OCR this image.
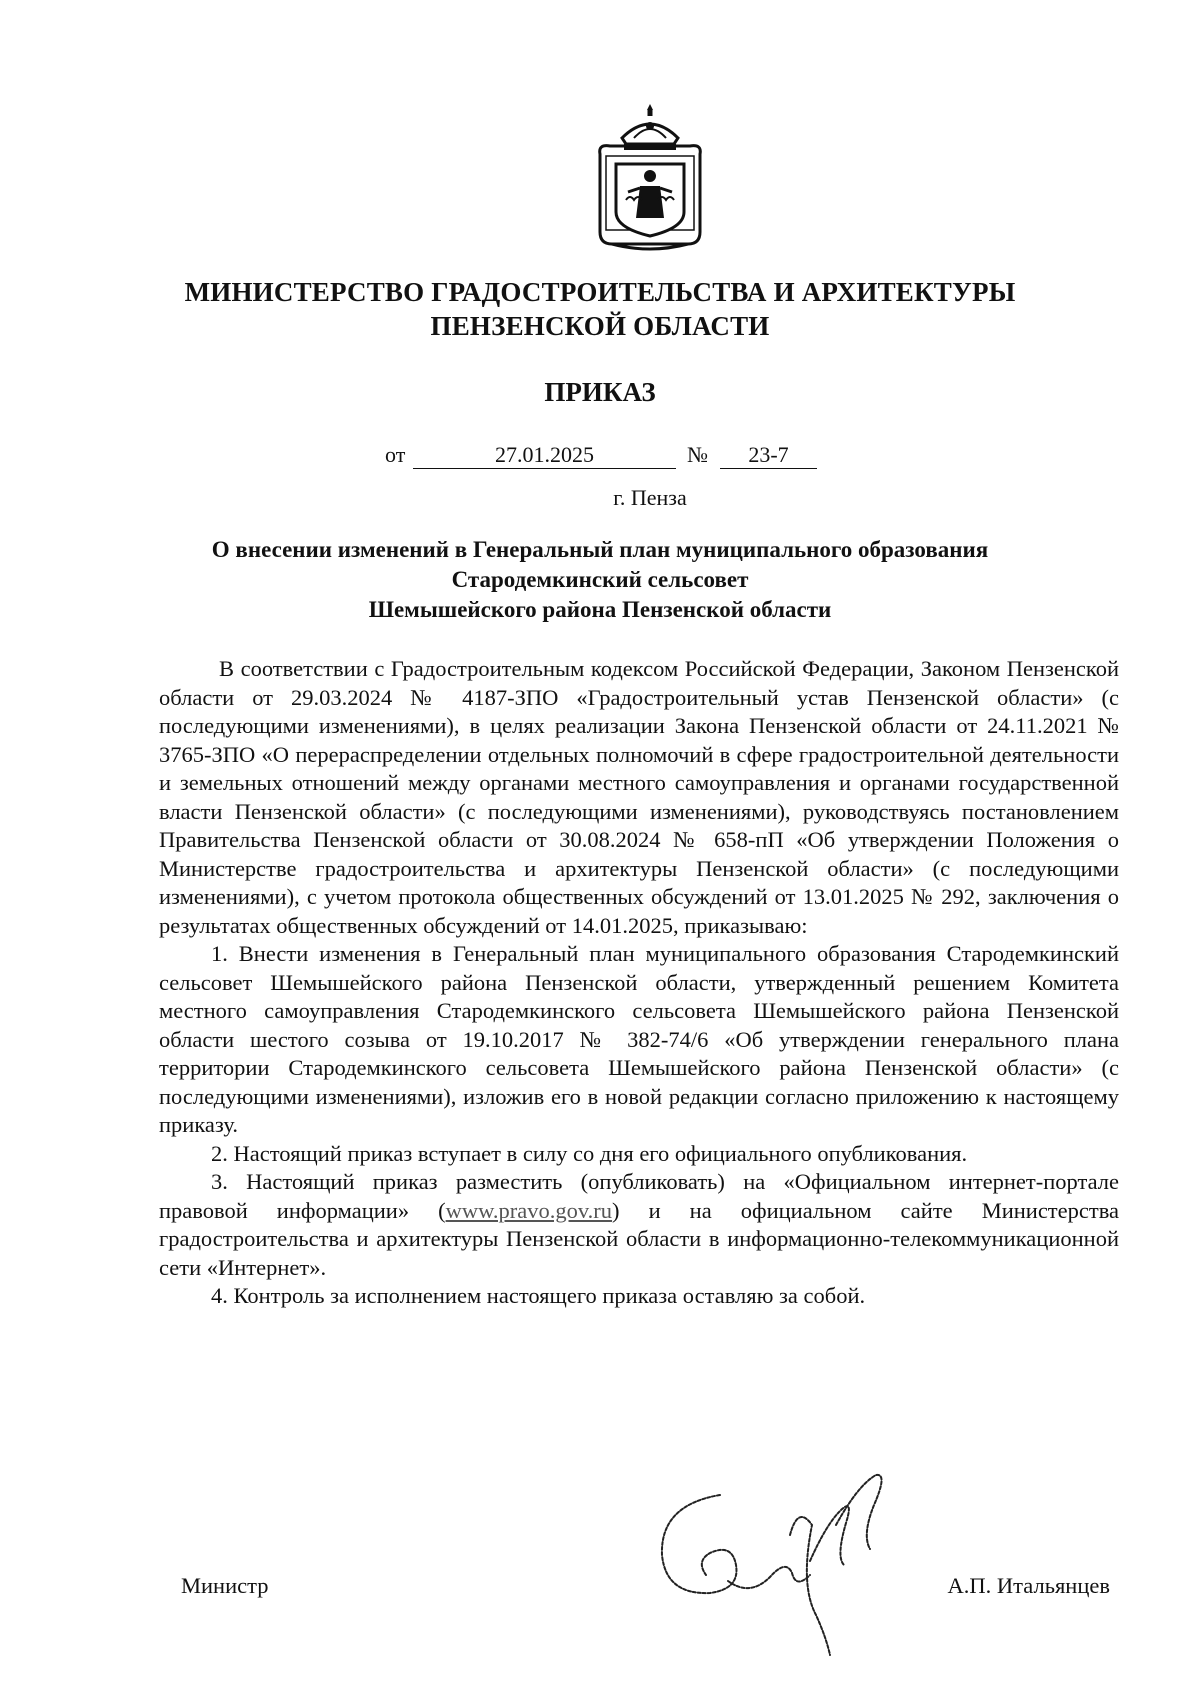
МИНИСТЕРСТВО ГРАДОСТРОИТЕЛЬСТВА И АРХИТЕКТУРЫ
ПЕНЗЕНСКОЙ ОБЛАСТИ
ПРИКАЗ
от	27.01.2025	№	23-7
г. Пенза
О внесении изменений в Генеральный план муниципального образования
Стародемкинский сельсовет
Шемышейского района Пензенской области

В соответствии с Градостроительным кодексом Российской Федерации, Законом Пензенской области от 29.03.2024 № 4187-ЗПО «Градостроительный устав Пензенской области» (с последующими изменениями), в целях реализации Закона Пензенской области от 24.11.2021 № 3765-ЗПО «О перераспределении отдельных полномочий в сфере градостроительной деятельности и земельных отношений между органами местного самоуправления и органами государственной власти Пензенской области» (с последующими изменениями), руководствуясь постановлением Правительства Пензенской области от 30.08.2024 № 658-пП «Об утверждении Положения о Министерстве градостроительства и архитектуры Пензенской области» (с последующими изменениями), с учетом протокола общественных обсуждений от 13.01.2025 № 292, заключения о результатах общественных обсуждений от 14.01.2025, приказываю:

1. Внести изменения в Генеральный план муниципального образования Стародемкинский сельсовет Шемышейского района Пензенской области, утвержденный решением Комитета местного самоуправления Стародемкинского сельсовета Шемышейского района Пензенской области шестого созыва от 19.10.2017 № 382-74/6 «Об утверждении генерального плана территории Стародемкинского сельсовета Шемышейского района Пензенской области» (с последующими изменениями), изложив его в новой редакции согласно приложению к настоящему приказу.

2. Настоящий приказ вступает в силу со дня его официального опубликования.

3. Настоящий приказ разместить (опубликовать) на «Официальном интернет-портале правовой информации» (www.pravo.gov.ru) и на официальном сайте Министерства градостроительства и архитектуры Пензенской области в информационно-телекоммуникационной сети «Интернет».

4. Контроль за исполнением настоящего приказа оставляю за собой.

Министр	А.П. Итальянцев
